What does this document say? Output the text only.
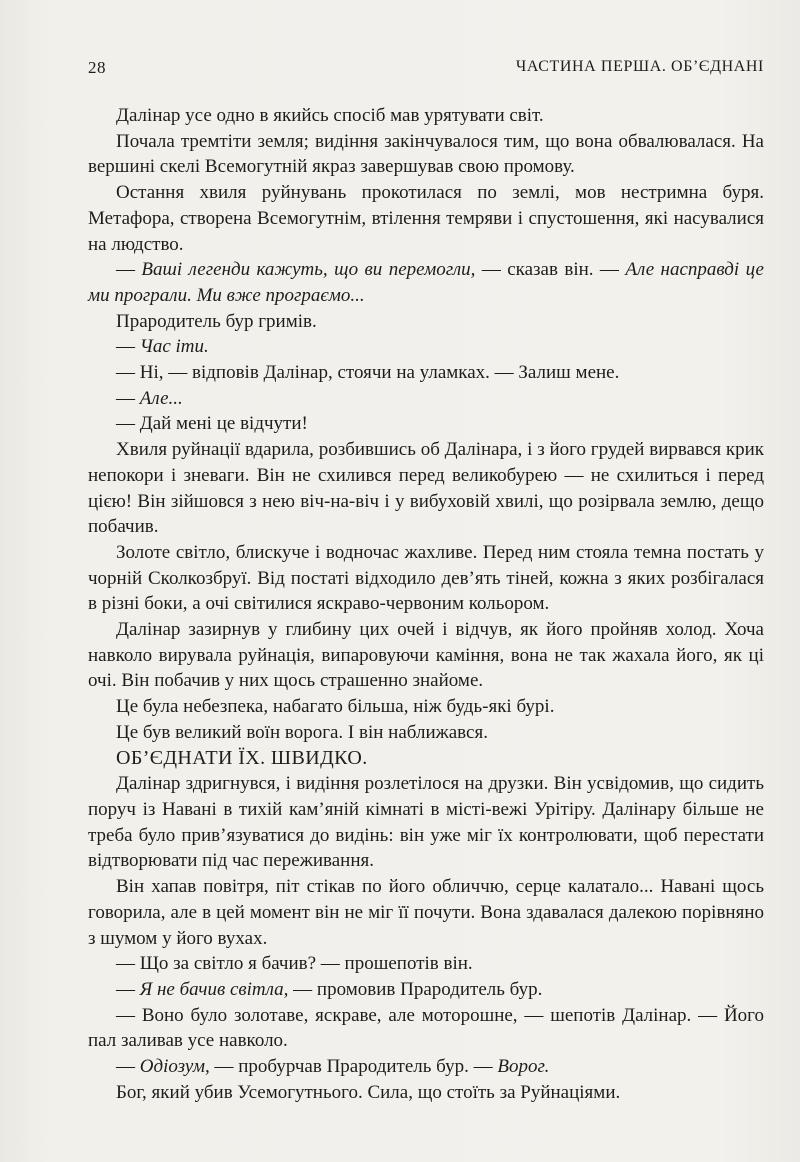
28	ЧАСТИНА ПЕРША. ОБ’ЄДНАНІ

Далінар усе одно в якийсь спосіб мав урятувати світ.

Почала тремтіти земля; видіння закінчувалося тим, що вона обвалювалася. На вершині скелі Всемогутній якраз завершував свою промову.

Остання хвиля руйнувань прокотилася по землі, мов нестримна буря. Метафора, створена Всемогутнім, втілення темряви і спустошення, які насувалися на людство.

— Ваші легенди кажуть, що ви перемогли, — сказав він. — Але насправді це ми програли. Ми вже програємо...

Прародитель бур гримів.

— Час іти.

— Ні, — відповів Далінар, стоячи на уламках. — Залиш мене.

— Але...

— Дай мені це відчути!

Хвиля руйнації вдарила, розбившись об Далінара, і з його грудей вирвався крик непокори і зневаги. Він не схилився перед великобурею — не схилиться і перед цією! Він зійшовся з нею віч-на-віч і у вибуховій хвилі, що розірвала землю, дещо побачив.

Золоте світло, блискуче і водночас жахливе. Перед ним стояла темна постать у чорній Сколкозбруї. Від постаті відходило дев’ять тіней, кожна з яких розбігалася в різні боки, а очі світилися яскраво-червоним кольором.

Далінар зазирнув у глибину цих очей і відчув, як його пройняв холод. Хоча навколо вирувала руйнація, випаровуючи каміння, вона не так жахала його, як ці очі. Він побачив у них щось страшенно знайоме.

Це була небезпека, набагато більша, ніж будь-які бурі.

Це був великий воїн ворога. І він наближався.

ОБ’ЄДНАТИ ЇХ. ШВИДКО.

Далінар здригнувся, і видіння розлетілося на друзки. Він усвідомив, що сидить поруч із Навані в тихій кам’яній кімнаті в місті-вежі Урітіру. Далінару більше не треба було прив’язуватися до видінь: він уже міг їх контролювати, щоб перестати відтворювати під час переживання.

Він хапав повітря, піт стікав по його обличчю, серце калатало... Навані щось говорила, але в цей момент він не міг її почути. Вона здавалася далекою порівняно з шумом у його вухах.

— Що за світло я бачив? — прошепотів він.

— Я не бачив світла, — промовив Прародитель бур.

— Воно було золотаве, яскраве, але моторошне, — шепотів Далінар. — Його пал заливав усе навколо.

— Одіозум, — пробурчав Прародитель бур. — Ворог.

Бог, який убив Усемогутнього. Сила, що стоїть за Руйнаціями.
